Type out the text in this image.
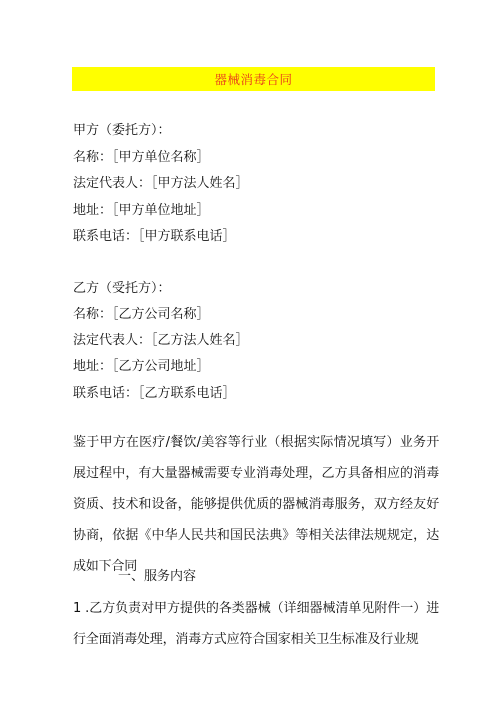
器械消毒合同
甲方（委托方）：
名称：［甲方单位名称］
法定代表人：［甲方法人姓名］
地址：［甲方单位地址］
联系电话：［甲方联系电话］
乙方（受托方）：
名称：［乙方公司名称］
法定代表人：［乙方法人姓名］
地址：［乙方公司地址］
联系电话：［乙方联系电话］
鉴于甲方在医疗/餐饮/美容等行业（根据实际情况填写）业务开展过程中，有大量器械需要专业消毒处理，乙方具备相应的消毒资质、技术和设备，能够提供优质的器械消毒服务，双方经友好协商，依据《中华人民共和国民法典》等相关法律法规规定，达成如下合同
一、服务内容
1 .乙方负责对甲方提供的各类器械（详细器械清单见附件一）进行全面消毒处理，消毒方式应符合国家相关卫生标准及行业规
